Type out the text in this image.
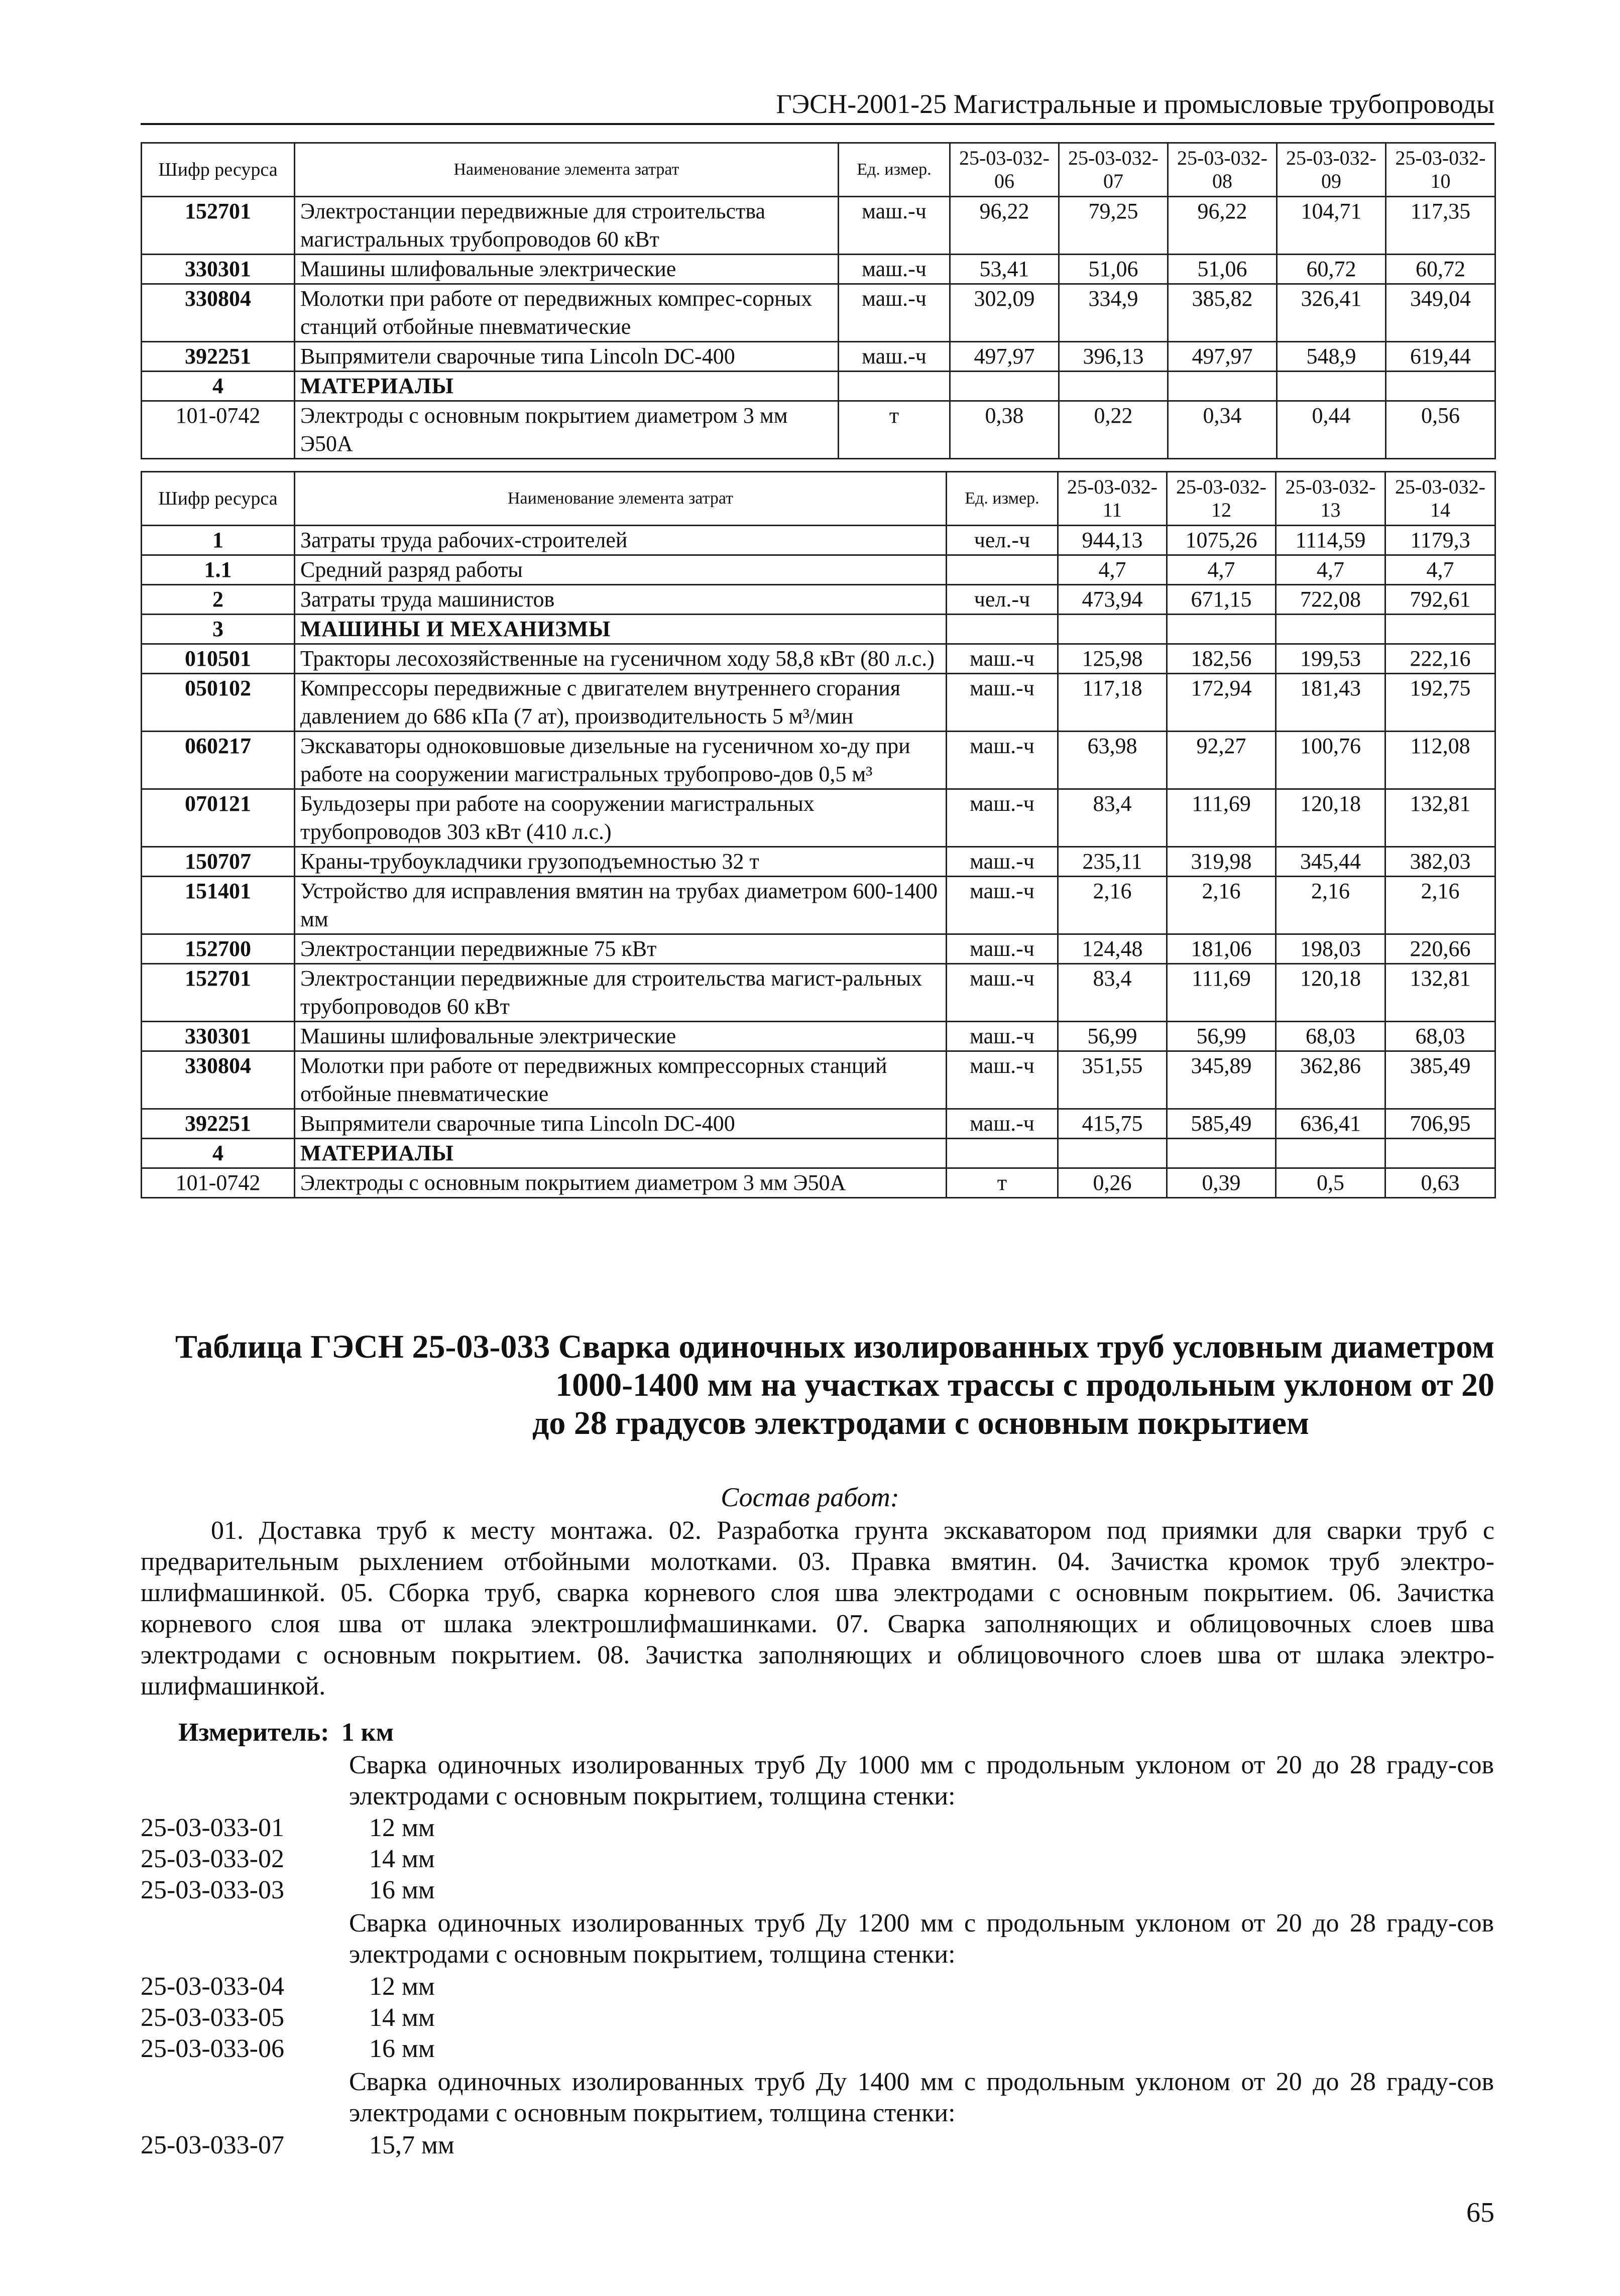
ГЭСН-2001-25 Магистральные и промысловые трубопроводы
Шифр ресурса	Наименование элемента затрат	Ед. измер.	25-03-032-06	25-03-032-07	25-03-032-08	25-03-032-09	25-03-032-10
152701	Электростанции передвижные для строительства магистральных трубопроводов 60 кВт	маш.-ч	96,22	79,25	96,22	104,71	117,35
330301	Машины шлифовальные электрические	маш.-ч	53,41	51,06	51,06	60,72	60,72
330804	Молотки при работе от передвижных компрес-сорных станций отбойные пневматические	маш.-ч	302,09	334,9	385,82	326,41	349,04
392251	Выпрямители сварочные типа Lincoln DC-400	маш.-ч	497,97	396,13	497,97	548,9	619,44
4	МАТЕРИАЛЫ						
101-0742	Электроды с основным покрытием диаметром 3 мм Э50А	т	0,38	0,22	0,34	0,44	0,56
Шифр ресурса	Наименование элемента затрат	Ед. измер.	25-03-032-11	25-03-032-12	25-03-032-13	25-03-032-14
1	Затраты труда рабочих-строителей	чел.-ч	944,13	1075,26	1114,59	1179,3
1.1	Средний разряд работы		4,7	4,7	4,7	4,7
2	Затраты труда машинистов	чел.-ч	473,94	671,15	722,08	792,61
3	МАШИНЫ И МЕХАНИЗМЫ					
010501	Тракторы лесохозяйственные на гусеничном ходу 58,8 кВт (80 л.с.)	маш.-ч	125,98	182,56	199,53	222,16
050102	Компрессоры передвижные с двигателем внутреннего сгорания давлением до 686 кПа (7 ат), производительность 5 м³/мин	маш.-ч	117,18	172,94	181,43	192,75
060217	Экскаваторы одноковшовые дизельные на гусеничном хо-ду при работе на сооружении магистральных трубопрово-дов 0,5 м³	маш.-ч	63,98	92,27	100,76	112,08
070121	Бульдозеры при работе на сооружении магистральных трубопроводов 303 кВт (410 л.с.)	маш.-ч	83,4	111,69	120,18	132,81
150707	Краны-трубоукладчики грузоподъемностью 32 т	маш.-ч	235,11	319,98	345,44	382,03
151401	Устройство для исправления вмятин на трубах диаметром 600-1400 мм	маш.-ч	2,16	2,16	2,16	2,16
152700	Электростанции передвижные 75 кВт	маш.-ч	124,48	181,06	198,03	220,66
152701	Электростанции передвижные для строительства магист-ральных трубопроводов 60 кВт	маш.-ч	83,4	111,69	120,18	132,81
330301	Машины шлифовальные электрические	маш.-ч	56,99	56,99	68,03	68,03
330804	Молотки при работе от передвижных компрессорных станций отбойные пневматические	маш.-ч	351,55	345,89	362,86	385,49
392251	Выпрямители сварочные типа Lincoln DC-400	маш.-ч	415,75	585,49	636,41	706,95
4	МАТЕРИАЛЫ					
101-0742	Электроды с основным покрытием диаметром 3 мм Э50А	т	0,26	0,39	0,5	0,63
Таблица ГЭСН 25-03-033 Сварка одиночных изолированных труб условным диаметром
1000-1400 мм на участках трассы с продольным уклоном от 20
до 28 градусов электродами с основным покрытием
Состав работ:
01. Доставка труб к месту монтажа. 02. Разработка грунта экскаватором под приямки для сварки труб с предварительным рыхлением отбойными молотками. 03. Правка вмятин. 04. Зачистка кромок труб электро-шлифмашинкой. 05. Сборка труб, сварка корневого слоя шва электродами с основным покрытием. 06. Зачистка корневого слоя шва от шлака электрошлифмашинками. 07. Сварка заполняющих и облицовочных слоев шва электродами с основным покрытием. 08. Зачистка заполняющих и облицовочного слоев шва от шлака электро-шлифмашинкой.
Измеритель: 1 км
Сварка одиночных изолированных труб Ду 1000 мм с продольным уклоном от 20 до 28 граду-сов электродами с основным покрытием, толщина стенки:
25-03-033-01	12 мм
25-03-033-02	14 мм
25-03-033-03	16 мм
Сварка одиночных изолированных труб Ду 1200 мм с продольным уклоном от 20 до 28 граду-сов электродами с основным покрытием, толщина стенки:
25-03-033-04	12 мм
25-03-033-05	14 мм
25-03-033-06	16 мм
Сварка одиночных изолированных труб Ду 1400 мм с продольным уклоном от 20 до 28 граду-сов электродами с основным покрытием, толщина стенки:
25-03-033-07	15,7 мм
65
